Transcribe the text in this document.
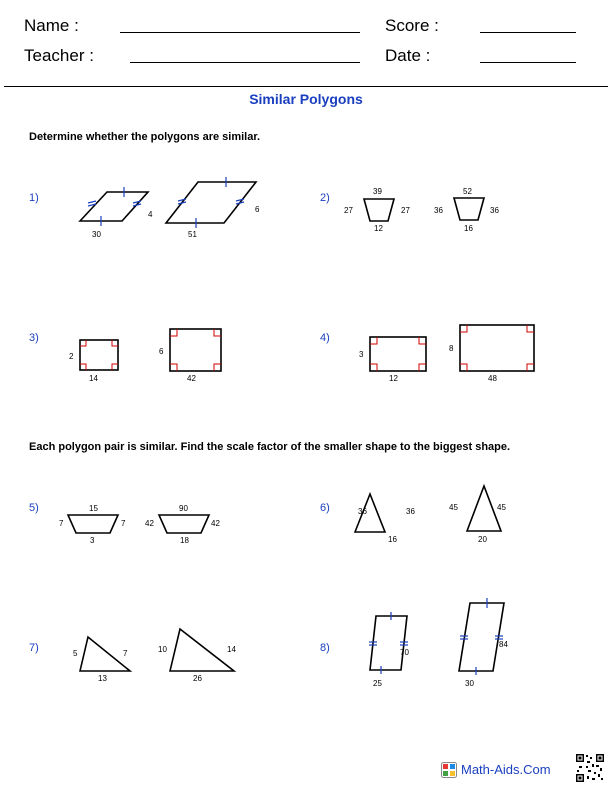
Name :	Score :
Teacher :	Date :
Similar Polygons
Determine whether the polygons are similar.
Each polygon pair is similar. Find the scale factor of the smaller shape to the biggest shape.
1)	2)
3)	4)
5)	6)
7)	8)
30
4
51
6
39
27	27
12
52
36	36
16
2
14
6
42
3
12
8
48
15
7	7
3
90
42	42
18
36	36
16
45	45
20
5	7
13
10	14
26
70
25
84
30
Math-Aids.Com
